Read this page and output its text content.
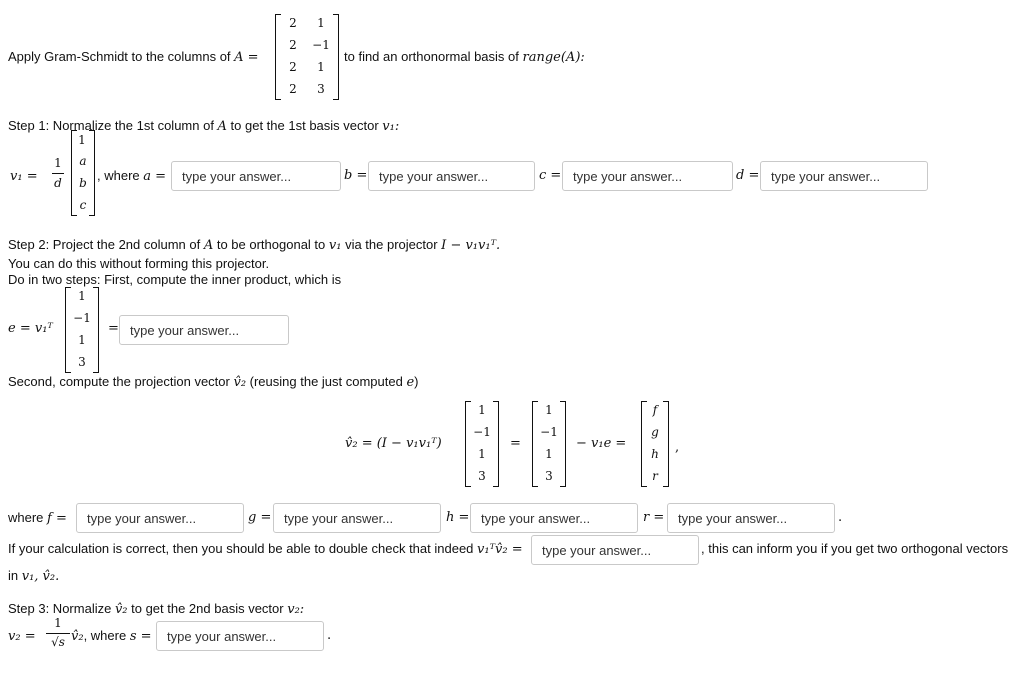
Apply Gram-Schmidt to the columns of A =
2	1
2	−1
2	1
2	3
to find an orthonormal basis of range(A):
Step 1: Normalize the 1st column of A to get the 1st basis vector v₁:
v₁ =
1
d
1
a
b
c
, where a =
type your answer...	b =
type your answer...	c =
type your answer...	d =
type your answer...
Step 2: Project the 2nd column of A to be orthogonal to v₁ via the projector I − v₁v₁ᵀ.
You can do this without forming this projector.
Do in two steps: First, compute the inner product, which is
e = v₁ᵀ
1
−1
1
3
=
type your answer...
Second, compute the projection vector v̂₂ (reusing the just computed e)
v̂₂ = (I − v₁v₁ᵀ)
1
−1
1
3
=
1
−1
1
3
− v₁e =
f
g
h
r
,
where f =
type your answer...	g =
type your answer...	h =
type your answer...	r =
type your answer...	.
If your calculation is correct, then you should be able to double check that indeed v₁ᵀv̂₂ =
type your answer...	, this can inform you if you get two orthogonal vectors
in v₁, v̂₂.
Step 3: Normalize v̂₂ to get the 2nd basis vector v₂:
v₂ =
1
√s v̂₂, where s =
type your answer...	.
